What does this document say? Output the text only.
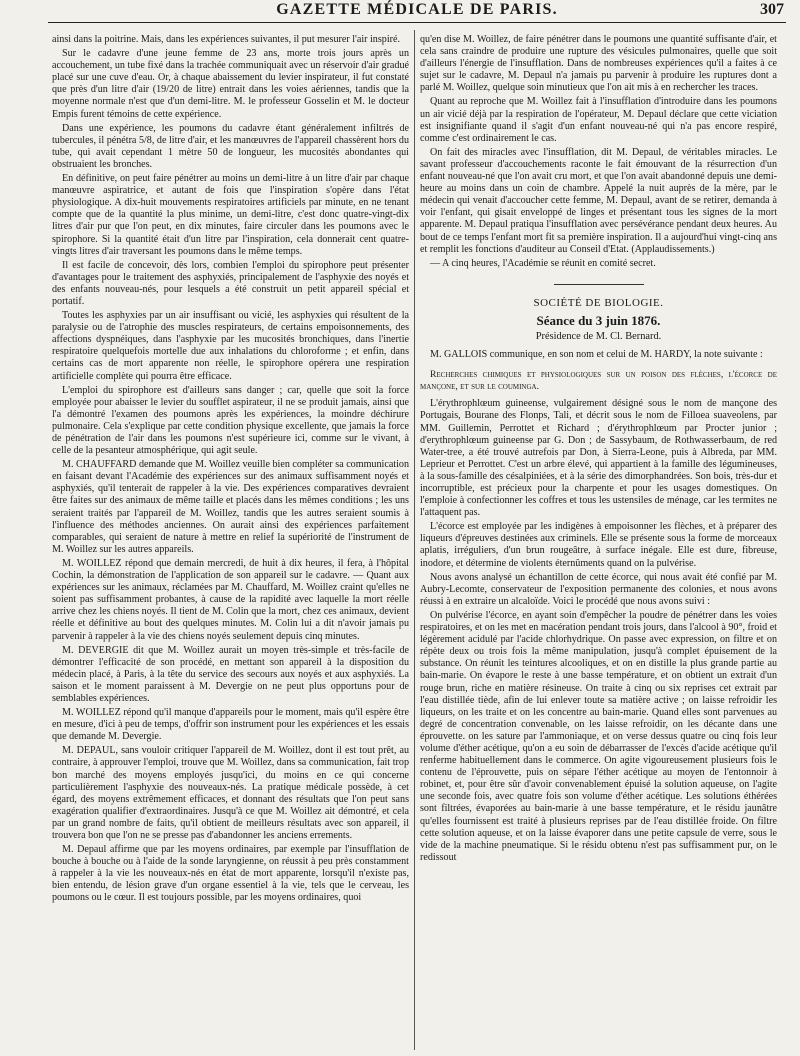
GAZETTE MÉDICALE DE PARIS.	307

ainsi dans la poitrine. Mais, dans les expériences suivantes, il put mesurer l'air inspiré.

Sur le cadavre d'une jeune femme de 23 ans, morte trois jours après un accouchement, un tube fixé dans la trachée communiquait avec un réservoir d'air gradué placé sur une cuve d'eau. Or, à chaque abaissement du levier inspirateur, il fut constaté que près d'un litre d'air (19/20 de litre) entrait dans les voies aériennes, tandis que la moyenne normale n'est que d'un demi-litre. M. le professeur Gosselin et M. le docteur Empis furent témoins de cette expérience.

Dans une expérience, les poumons du cadavre étant généralement infiltrés de tubercules, il pénétra 5/8, de litre d'air, et les manœuvres de l'appareil chassèrent hors du tube, qui avait cependant 1 mètre 50 de longueur, les mucosités abondantes qui obstruaient les bronches.

En définitive, on peut faire pénétrer au moins un demi-litre à un litre d'air par chaque manœuvre aspiratrice, et autant de fois que l'inspiration s'opère dans l'état physiologique. A dix-huit mouvements respiratoires artificiels par minute, en ne tenant compte que de la quantité la plus minime, un demi-litre, c'est donc quatre-vingt-dix litres d'air pur que l'on peut, en dix minutes, faire circuler dans les poumons avec le spirophore. Si la quantité était d'un litre par l'inspiration, cela donnerait cent quatre-vingts litres d'air traversant les poumons dans le même temps.

Il est facile de concevoir, dès lors, combien l'emploi du spirophore peut présenter d'avantages pour le traitement des asphyxiés, principalement de l'asphyxie des noyés et des enfants nouveau-nés, pour lesquels a été construit un petit appareil spécial et portatif.

Toutes les asphyxies par un air insuffisant ou vicié, les asphyxies qui résultent de la paralysie ou de l'atrophie des muscles respirateurs, de certains empoisonnements, des affections dyspnéiques, dans l'asphyxie par les mucosités bronchiques, dans l'inertie respiratoire quelquefois mortelle due aux inhalations du chloroforme ; et enfin, dans certains cas de mort apparente non réelle, le spirophore opérera une respiration artificielle complète qui pourra être efficace.

L'emploi du spirophore est d'ailleurs sans danger ; car, quelle que soit la force employée pour abaisser le levier du soufflet aspirateur, il ne se produit jamais, ainsi que l'a démontré l'examen des poumons après les expériences, la moindre déchirure pulmonaire. Cela s'explique par cette condition physique excellente, que jamais la force de pénétration de l'air dans les poumons n'est supérieure ici, comme sur le vivant, à celle de la pesanteur atmosphérique, qui agit seule.

M. CHAUFFARD demande que M. Woillez veuille bien compléter sa communication en faisant devant l'Académie des expériences sur des animaux suffisamment noyés et asphyxiés, qu'il tenterait de rappeler à la vie. Des expériences comparatives devraient être faites sur des animaux de même taille et placés dans les mêmes conditions ; les uns seraient traités par l'appareil de M. Woillez, tandis que les autres seraient soumis à l'influence des méthodes anciennes. On aurait ainsi des expériences parfaitement comparables, qui seraient de nature à mettre en relief la supériorité de l'instrument de M. Woillez sur les autres appareils.

M. WOILLEZ répond que demain mercredi, de huit à dix heures, il fera, à l'hôpital Cochin, la démonstration de l'application de son appareil sur le cadavre. — Quant aux expériences sur les animaux, réclamées par M. Chauffard, M. Woillez craint qu'elles ne soient pas suffisamment probantes, à cause de la rapidité avec laquelle la mort réelle arrive chez les chiens noyés. Il tient de M. Colin que la mort, chez ces animaux, devient réelle et définitive au bout des quelques minutes. M. Colin lui a dit n'avoir jamais pu parvenir à rappeler à la vie des chiens noyés seulement depuis cinq minutes.

M. DEVERGIE dit que M. Woillez aurait un moyen très-simple et très-facile de démontrer l'efficacité de son procédé, en mettant son appareil à la disposition du médecin placé, à Paris, à la tête du service des secours aux noyés et aux asphyxiés. La saison et le moment paraissent à M. Devergie on ne peut plus opportuns pour de semblables expériences.

M. WOILLEZ répond qu'il manque d'appareils pour le moment, mais qu'il espère être en mesure, d'ici à peu de temps, d'offrir son instrument pour les expériences et les essais que demande M. Devergie.

M. DEPAUL, sans vouloir critiquer l'appareil de M. Woillez, dont il est tout prêt, au contraire, à approuver l'emploi, trouve que M. Woillez, dans sa communication, fait trop bon marché des moyens employés jusqu'ici, du moins en ce qui concerne particulièrement l'asphyxie des nouveaux-nés. La pratique médicale possède, à cet égard, des moyens extrêmement efficaces, et donnant des résultats que l'on peut sans exagération qualifier d'extraordinaires. Jusqu'à ce que M. Woillez ait démontré, et cela par un grand nombre de faits, qu'il obtient de meilleurs résultats avec son appareil, il trouvera bon que l'on ne se presse pas d'abandonner les anciens errements.

M. Depaul affirme que par les moyens ordinaires, par exemple par l'insufflation de bouche à bouche ou à l'aide de la sonde laryngienne, on réussit à peu près constamment à rappeler à la vie les nouveaux-nés en état de mort apparente, lorsqu'il n'existe pas, bien entendu, de lésion grave d'un organe essentiel à la vie, tels que le cerveau, les poumons ou le cœur. Il est toujours possible, par les moyens ordinaires, quoi

qu'en dise M. Woillez, de faire pénétrer dans le poumons une quantité suffisante d'air, et cela sans craindre de produire une rupture des vésicules pulmonaires, quelle que soit d'ailleurs l'énergie de l'insufflation. Dans de nombreuses expériences qu'il a faites à ce sujet sur le cadavre, M. Depaul n'a jamais pu parvenir à produire les ruptures dont a parlé M. Woillez, quelque soin minutieux que l'on ait mis à en rechercher les traces.

Quant au reproche que M. Woillez fait à l'insufflation d'introduire dans les poumons un air vicié déjà par la respiration de l'opérateur, M. Depaul déclare que cette viciation est insignifiante quand il s'agit d'un enfant nouveau-né qui n'a pas encore respiré, comme c'est ordinairement le cas.

On fait des miracles avec l'insufflation, dit M. Depaul, de véritables miracles. Le savant professeur d'accouchements raconte le fait émouvant de la résurrection d'un enfant nouveau-né que l'on avait cru mort, et que l'on avait abandonné depuis une demi-heure au moins dans un coin de chambre. Appelé la nuit auprès de la mère, par le médecin qui venait d'accoucher cette femme, M. Depaul, avant de se retirer, demanda à voir l'enfant, qui gisait enveloppé de linges et présentant tous les signes de la mort apparente. M. Depaul pratiqua l'insufflation avec persévérance pendant deux heures. Au bout de ce temps l'enfant mort fit sa première inspiration. Il a aujourd'hui vingt-cinq ans et remplit les fonctions d'auditeur au Conseil d'Etat. (Applaudissements.)

— A cinq heures, l'Académie se réunit en comité secret.

SOCIÉTÉ DE BIOLOGIE.
Séance du 3 juin 1876.
Présidence de M. Cl. Bernard.

M. GALLOIS communique, en son nom et celui de M. HARDY, la note suivante :

Recherches chimiques et physiologiques sur un poison des flèches, l'écorce de mançone, et sur le coumingа.

L'érythrophlœum guineense, vulgairement désigné sous le nom de mançone des Portugais, Bourane des Flonps, Tali, et décrit sous le nom de Filloea suaveolens, par MM. Guillemin, Perrottet et Richard ; d'érythrophlœum par Procter junior ; d'erythrophlœum guineense par G. Don ; de Sassybaum, de Rothwasserbaum, de red Water-tree, a été trouvé autrefois par Don, à Sierra-Leone, puis à Albreda, par MM. Leprieur et Perrottet. C'est un arbre élevé, qui appartient à la famille des légumineuses, à la sous-famille des césalpiniées, et à la série des dimorphandrées. Son bois, très-dur et incorruptible, est précieux pour la charpente et pour les usages domestiques. On l'emploie à confectionner les coffres et tous les ustensiles de ménage, car les termites ne l'attaquent pas.

L'écorce est employée par les indigènes à empoisonner les flèches, et à préparer des liqueurs d'épreuves destinées aux criminels. Elle se présente sous la forme de morceaux aplatis, irréguliers, d'un brun rougeâtre, à surface inégale. Elle est dure, fibreuse, inodore, et détermine de violents éternûments quand on la pulvérise.

Nous avons analysé un échantillon de cette écorce, qui nous avait été confié par M. Aubry-Lecomte, conservateur de l'exposition permanente des colonies, et nous avons réussi à en extraire un alcaloïde. Voici le procédé que nous avons suivi :

On pulvérise l'écorce, en ayant soin d'empêcher la poudre de pénétrer dans les voies respiratoires, et on les met en macération pendant trois jours, dans l'alcool à 90°, froid et légèrement acidulé par l'acide chlorhydrique. On passe avec expression, on filtre et on répète deux ou trois fois la même manipulation, jusqu'à complet épuisement de la substance. On réunit les teintures alcooliques, et on en distille la plus grande partie au bain-marie. On évapore le reste à une basse température, et on obtient un extrait d'un rouge brun, riche en matière résineuse. On traite à cinq ou six reprises cet extrait par l'eau distillée tiède, afin de lui enlever toute sa matière active ; on laisse refroidir les liqueurs, on les traite et on les concentre au bain-marie. Quand elles sont parvenues au degré de concentration convenable, on les laisse refroidir, on les décante dans une éprouvette. on les sature par l'ammoniaque, et on verse dessus quatre ou cinq fois leur volume d'éther acétique, qu'on a eu soin de débarrasser de l'excès d'acide acétique qu'il renferme habituellement dans le commerce. On agite vigoureusement plusieurs fois le contenu de l'éprouvette, puis on sépare l'éther acétique au moyen de l'entonnoir à robinet, et, pour être sûr d'avoir convenablement épuisé la solution aqueuse, on l'agite une seconde fois, avec quatre fois son volume d'éther acétique. Les solutions éthérées sont filtrées, évaporées au bain-marie à une basse température, et le résidu jaunâtre qu'elles fournissent est traité à plusieurs reprises par de l'eau distillée froide. On filtre cette solution aqueuse, et on la laisse évaporer dans une petite capsule de verre, sous le vide de la machine pneumatique. Si le résidu obtenu n'est pas suffisamment pur, on le redissout
